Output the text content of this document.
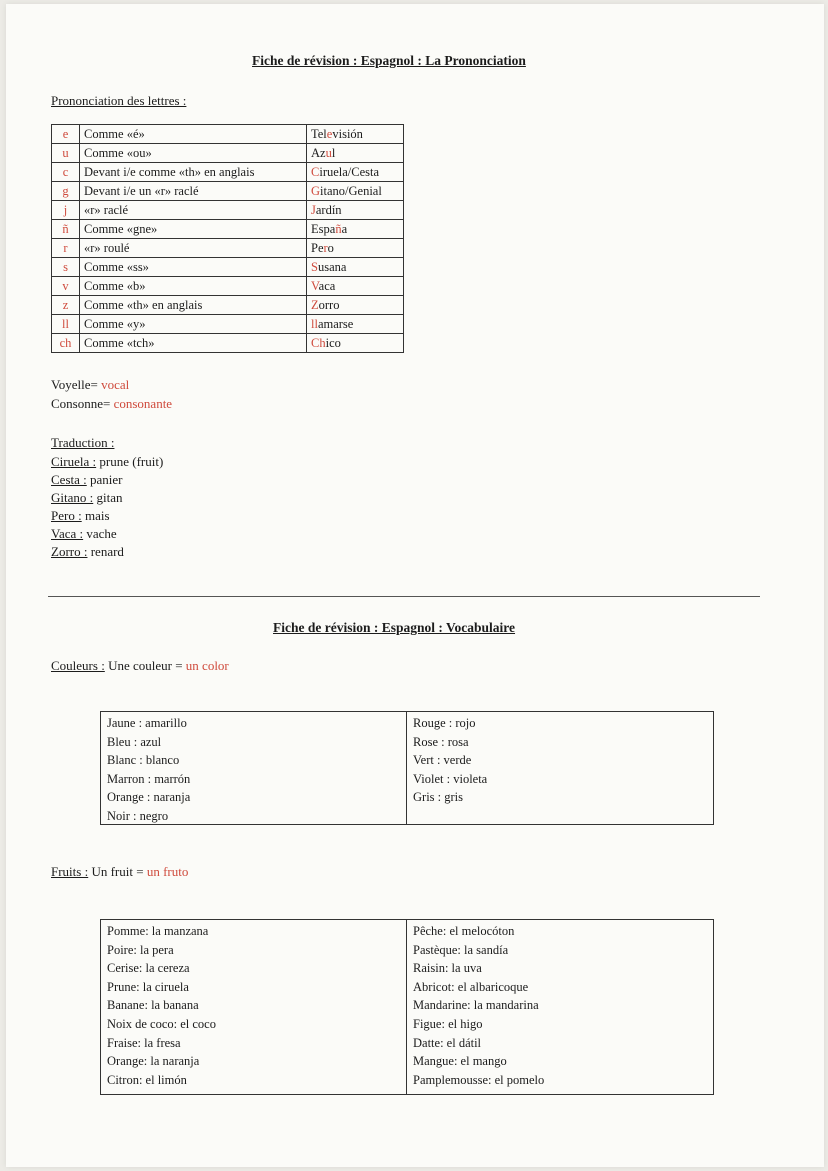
Fiche de révision : Espagnol : La Prononciation
Prononciation des lettres :
e	Comme «é»	Televisión
u	Comme «ou»	Azul
c	Devant i/e comme «th» en anglais	Ciruela/Cesta
g	Devant i/e un «r» raclé	Gitano/Genial
j	«r» raclé	Jardín
ñ	Comme «gne»	España
r	«r» roulé	Pero
s	Comme «ss»	Susana
v	Comme «b»	Vaca
z	Comme «th» en anglais	Zorro
ll	Comme «y»	llamarse
ch	Comme «tch»	Chico
Voyelle= vocal
Consonne= consonante
Traduction :
Ciruela : prune (fruit)
Cesta : panier
Gitano : gitan
Pero : mais
Vaca : vache
Zorro : renard
Fiche de révision : Espagnol : Vocabulaire
Couleurs : Une couleur = un color
Jaune : amarillo
Bleu : azul
Blanc : blanco
Marron : marrón
Orange : naranja
Noir : negro
Rouge : rojo
Rose : rosa
Vert : verde
Violet : violeta
Gris : gris
Fruits : Un fruit = un fruto
Pomme: la manzana
Poire: la pera
Cerise: la cereza
Prune: la ciruela
Banane: la banana
Noix de coco: el coco
Fraise: la fresa
Orange: la naranja
Citron: el limón
Pêche: el melocóton
Pastèque: la sandía
Raisin: la uva
Abricot: el albaricoque
Mandarine: la mandarina
Figue: el higo
Datte: el dátil
Mangue: el mango
Pamplemousse: el pomelo
